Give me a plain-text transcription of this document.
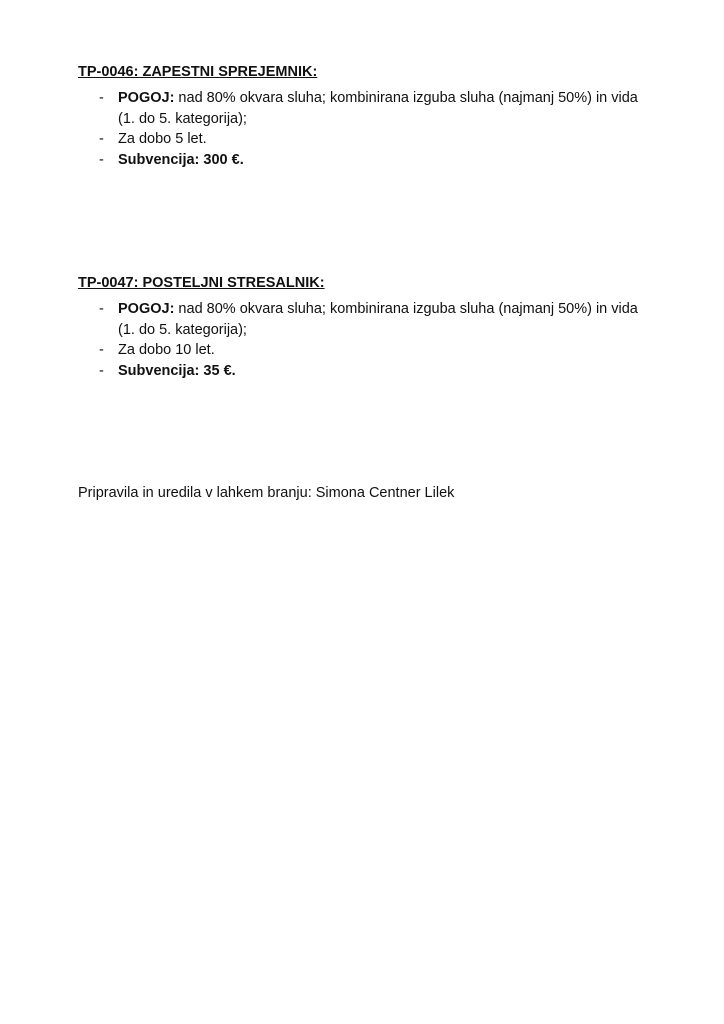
TP-0046: ZAPESTNI SPREJEMNIK:

- POGOJ: nad 80% okvara sluha; kombinirana izguba sluha (najmanj 50%) in vida (1. do 5. kategorija);
- Za dobo 5 let.
- Subvencija: 300 €.

TP-0047: POSTELJNI STRESALNIK:

- POGOJ: nad 80% okvara sluha; kombinirana izguba sluha (najmanj 50%) in vida (1. do 5. kategorija);
- Za dobo 10 let.
- Subvencija: 35 €.

Pripravila in uredila v lahkem branju: Simona Centner Lilek
